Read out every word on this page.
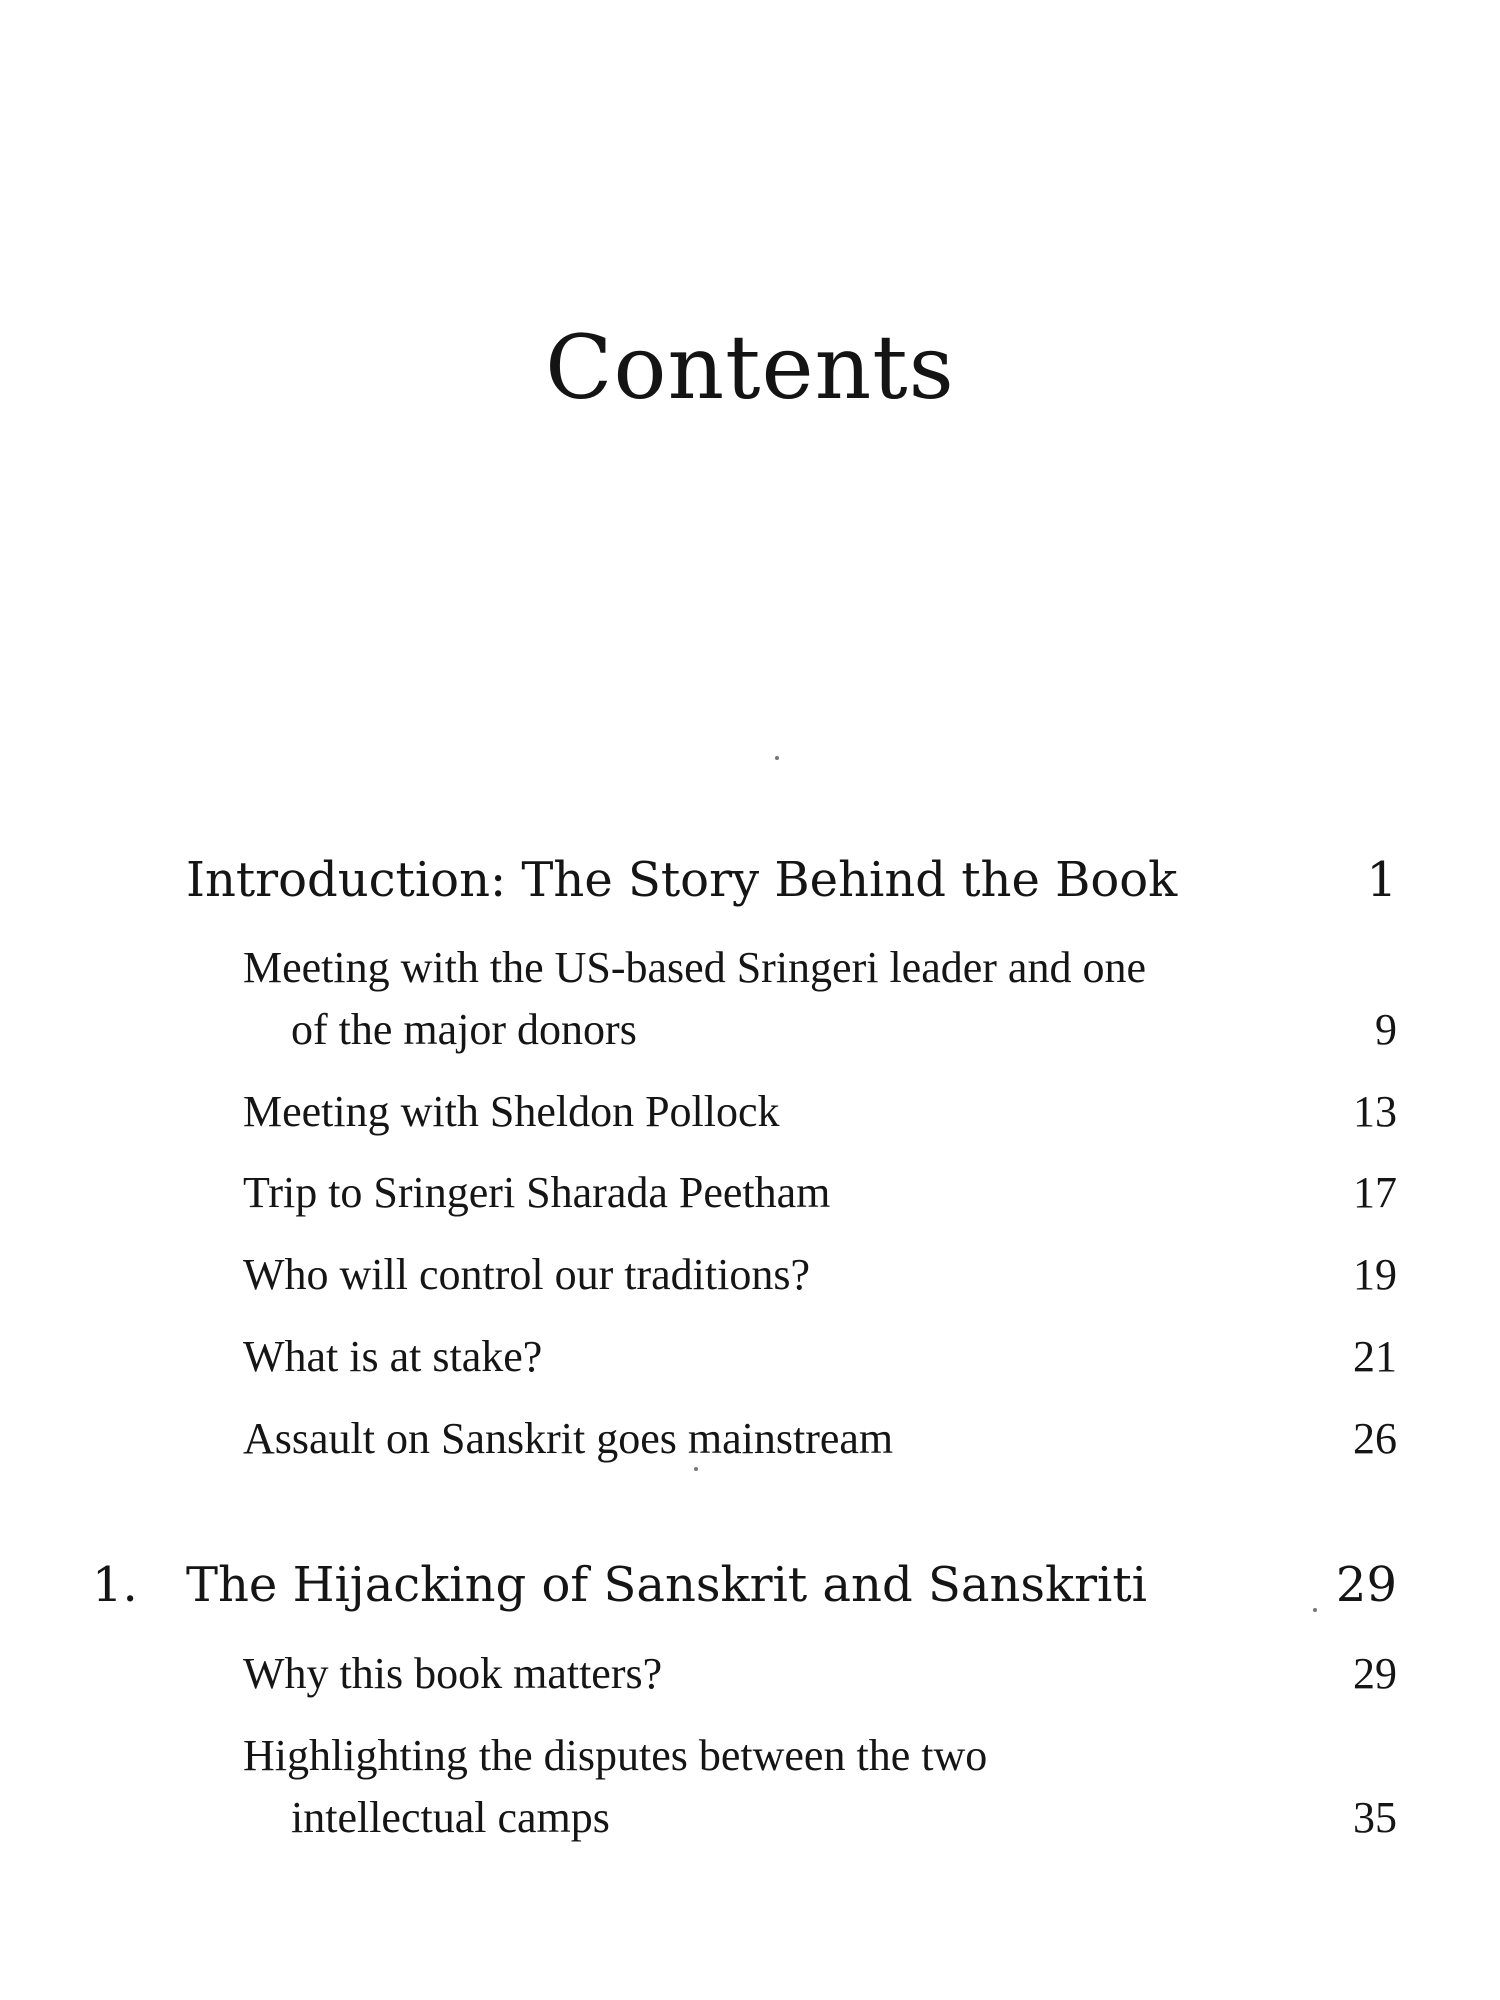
Contents
Introduction: The Story Behind the Book	1
Meeting with the US-based Sringeri leader and one
of the major donors	9
Meeting with Sheldon Pollock	13
Trip to Sringeri Sharada Peetham	17
Who will control our traditions?	19
What is at stake?	21
Assault on Sanskrit goes mainstream	26
1. The Hijacking of Sanskrit and Sanskriti	29
Why this book matters?	29
Highlighting the disputes between the two
intellectual camps	35
